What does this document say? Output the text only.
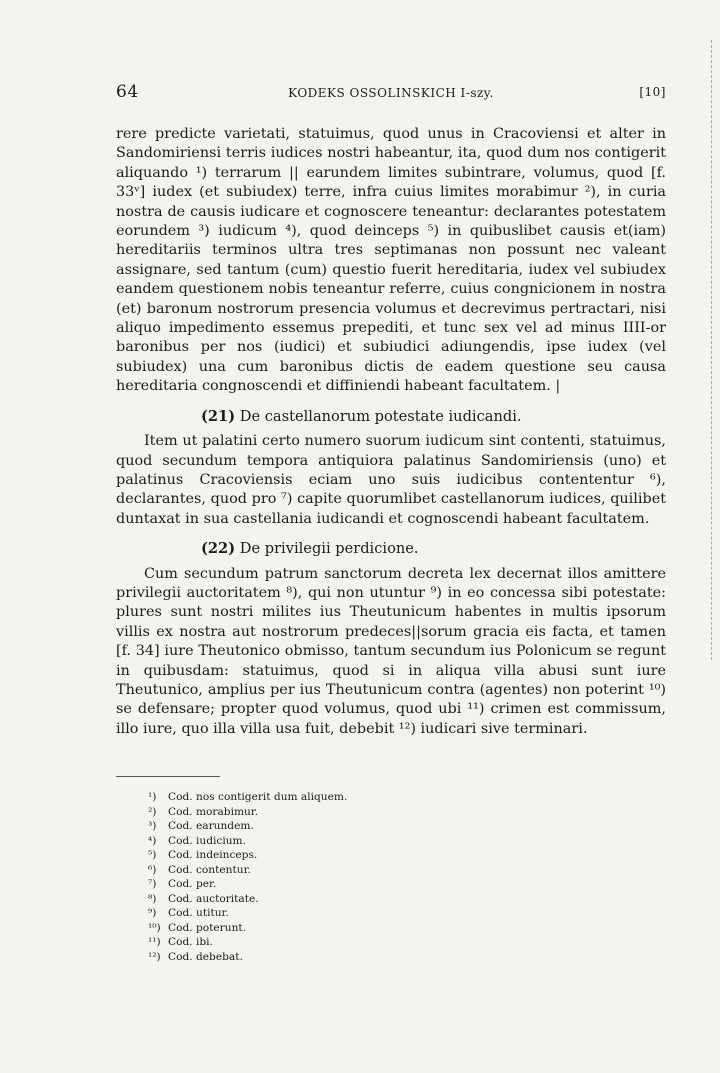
64	KODEKS OSSOLINSKICH I-szy.	[10]

rere predicte varietati, statuimus, quod unus in Cracoviensi et alter in Sandomiriensi terris iudices nostri habeantur, ita, quod dum nos contigerit aliquando ¹) terrarum || earundem limites subintrare, volumus, quod [f. 33ᵛ] iudex (et subiudex) terre, infra cuius limites morabimur ²), in curia nostra de causis iudicare et cognoscere teneantur: declarantes potestatem eorundem ³) iudicum ⁴), quod deinceps ⁵) in quibuslibet causis et(iam) hereditariis terminos ultra tres septimanas non possunt nec valeant assignare, sed tantum (cum) questio fuerit hereditaria, iudex vel subiudex eandem questionem nobis teneantur referre, cuius congnicionem in nostra (et) baronum nostrorum presencia volumus et decrevimus pertractari, nisi aliquo impedimento essemus prepediti, et tunc sex vel ad minus IIII-or baronibus per nos (iudici) et subiudici adiungendis, ipse iudex (vel subiudex) una cum baronibus dictis de eadem questione seu causa hereditaria congnoscendi et diffiniendi habeant facultatem. |

(21) De castellanorum potestate iudicandi.

Item ut palatini certo numero suorum iudicum sint contenti, statuimus, quod secundum tempora antiquiora palatinus Sandomiriensis (uno) et palatinus Cracoviensis eciam uno suis iudicibus contententur ⁶), declarantes, quod pro ⁷) capite quorumlibet castellanorum iudices, quilibet duntaxat in sua castellania iudicandi et cognoscendi habeant facultatem.

(22) De privilegii perdicione.

Cum secundum patrum sanctorum decreta lex decernat illos amittere privilegii auctoritatem ⁸), qui non utuntur ⁹) in eo concessa sibi potestate: plures sunt nostri milites ius Theutunicum habentes in multis ipsorum villis ex nostra aut nostrorum predeces||sorum gracia eis facta, et tamen [f. 34] iure Theutonico obmisso, tantum secundum ius Polonicum se regunt in quibusdam: statuimus, quod si in aliqua villa abusi sunt iure Theutunico, amplius per ius Theutunicum contra (agentes) non poterint ¹⁰) se defensare; propter quod volumus, quod ubi ¹¹) crimen est commissum, illo iure, quo illa villa usa fuit, debebit ¹²) iudicari sive terminari.

¹) Cod. nos contigerit dum aliquem.
²) Cod. morabimur.
³) Cod. earundem.
⁴) Cod. iudicium.
⁵) Cod. indeinceps.
⁶) Cod. contentur.
⁷) Cod. per.
⁸) Cod. auctoritate.
⁹) Cod. utitur.
¹⁰) Cod. poterunt.
¹¹) Cod. ibi.
¹²) Cod. debebat.
